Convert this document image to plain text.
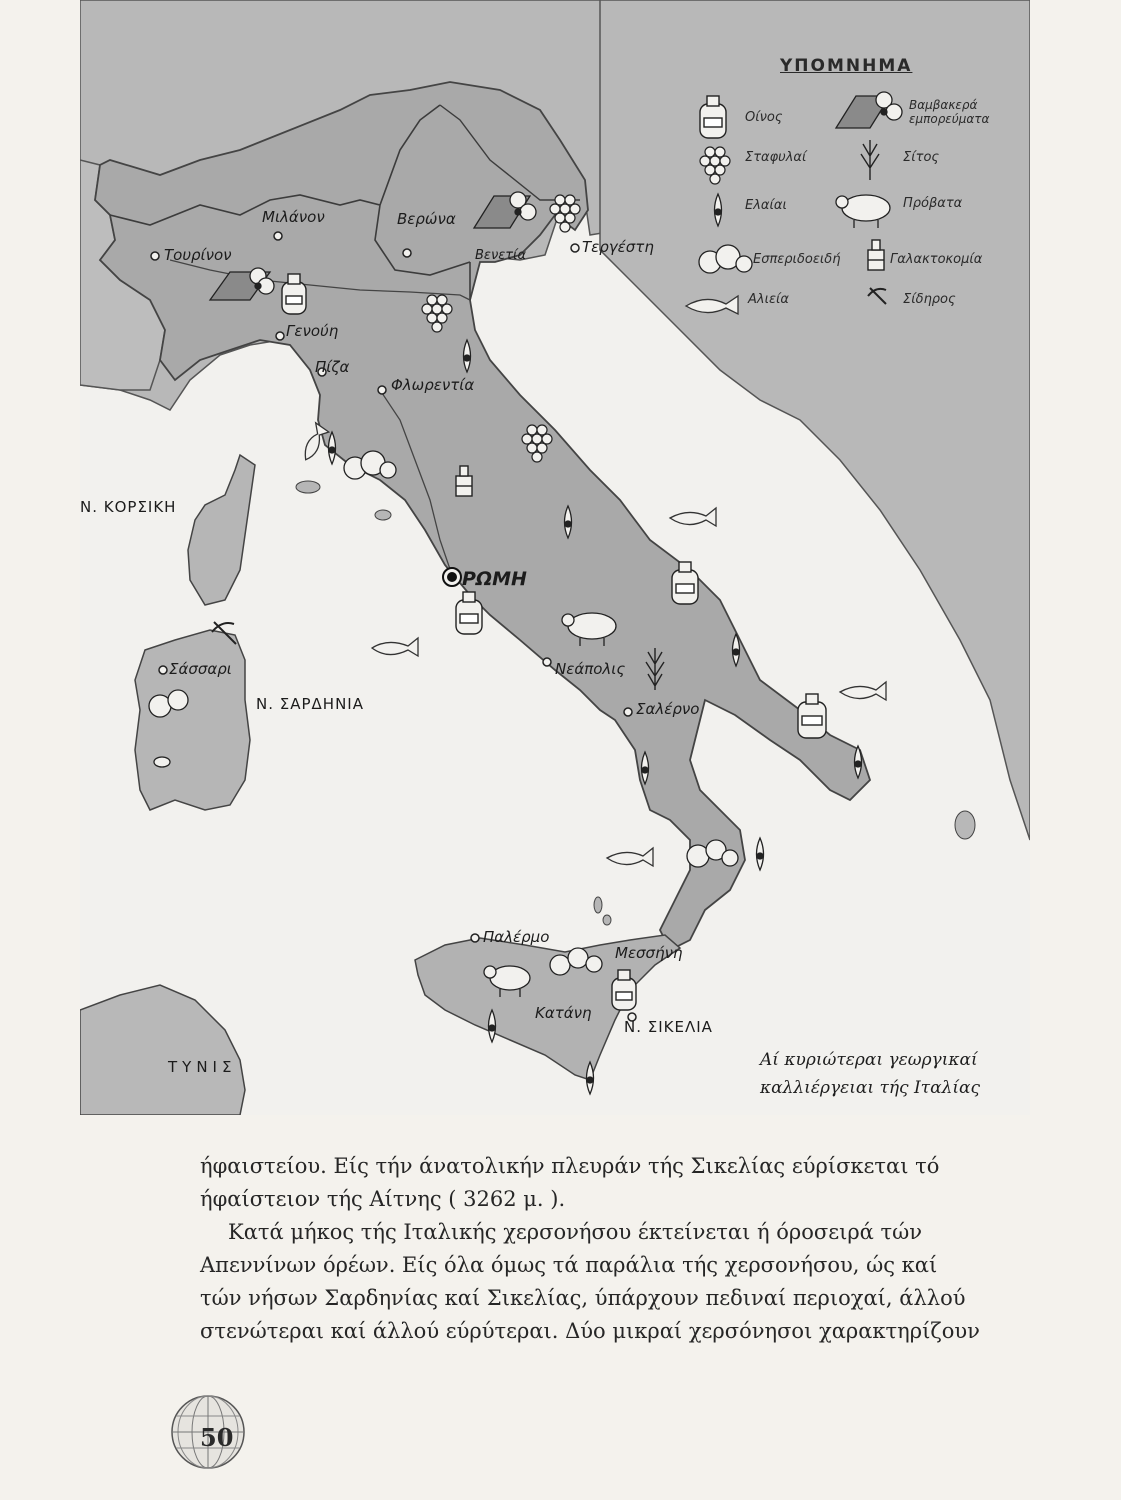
ΥΠΟΜΝΗΜΑ
Οίνος
Βαμβακερά εμπορεύματα
Σταφυλαί	Σίτος
Ελαίαι	Πρόβατα
Εσπεριδοειδή	Γαλακτοκομία
Αλιεία	Σίδηρος
Μιλάνον
Τουρίνον
Βερώνα
Βενετία	Τεργέστη
Γενούη
Πίζα
Φλωρεντία
ΡΩΜΗ
Νεάπολις
Σαλέρνο
Σάσσαρι
Παλέρμο
Μεσσήνη
Κατάνη
Ν. ΚΟΡΣΙΚΗ
Ν. ΣΑΡΔΗΝΙΑ
Ν. ΣΙΚΕΛΙΑ
ΤΥΝΙΣ	Αί κυριώτεραι γεωργικαί
καλλιέργειαι τής Ιταλίας

ήφαιστείου. Είς τήν άνατολικήν πλευράν τής Σικελίας εύρίσκεται τό

ήφαίστειον τής Αίτνης ( 3262 μ. ).

Κατά μήκος τής Ιταλικής χερσονήσου έκτείνεται ή όροσειρά τών

Απεννίνων όρέων. Είς όλα όμως τά παράλια τής χερσονήσου, ώς καί

τών νήσων Σαρδηνίας καί Σικελίας, ύπάρχουν πεδιναί περιοχαί, άλλού

στενώτεραι καί άλλού εύρύτεραι. Δύο μικραί χερσόνησοι χαρακτηρίζουν

50
